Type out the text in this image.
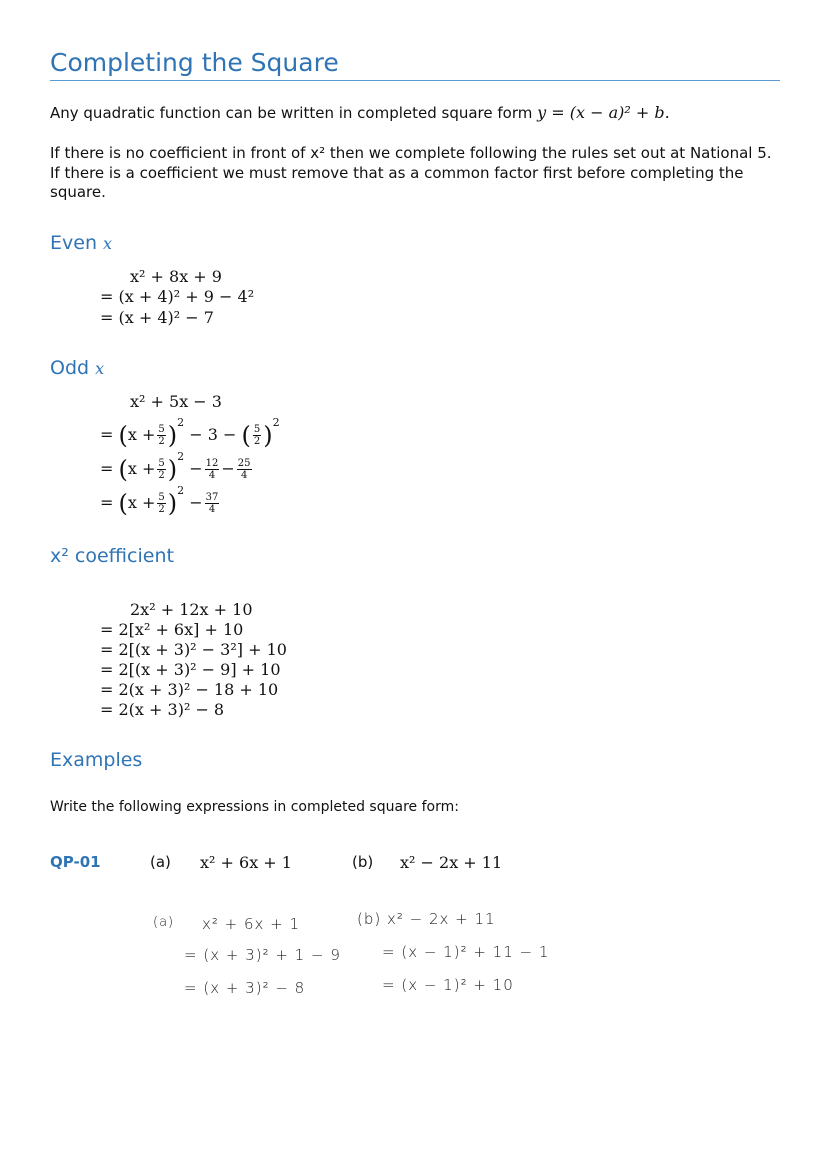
Completing the Square
Any quadratic function can be written in completed square form y = (x − a)² + b.
If there is no coefficient in front of x² then we complete following the rules set out at National 5. If there is a coefficient we must remove that as a common factor first before completing the square.
Even x
x² + 8x + 9
= (x + 4)² + 9 − 4²
= (x + 4)² − 7
Odd x
x² + 5x − 3
= $(x + \frac{5}{2} )^2 - 3$ − ( $\frac{5}{2} )^2$
= $(x + \frac{5}{2} )^2 - \frac{12}{4} - \frac{25}{4}$
= $(x + \frac{5}{2} )^2 - \frac{37}{4}$
x² coefficient
2x² + 12x + 10
= 2[x² + 6x] + 10
= 2[(x + 3)² − 3²] + 10
= 2[(x + 3)² − 9] + 10
= 2(x + 3)² − 18 + 10
= 2(x + 3)² − 8
Examples
Write the following expressions in completed square form:
QP-01	(a) x² + 6x + 1	(b) x² − 2x + 11
(a) x² + 6x + 1
= (x + 3)² + 1 − 9
= (x + 3)² − 8
(b) x² − 2x + 11
= (x − 1)² + 11 − 1
= (x − 1)² + 10
